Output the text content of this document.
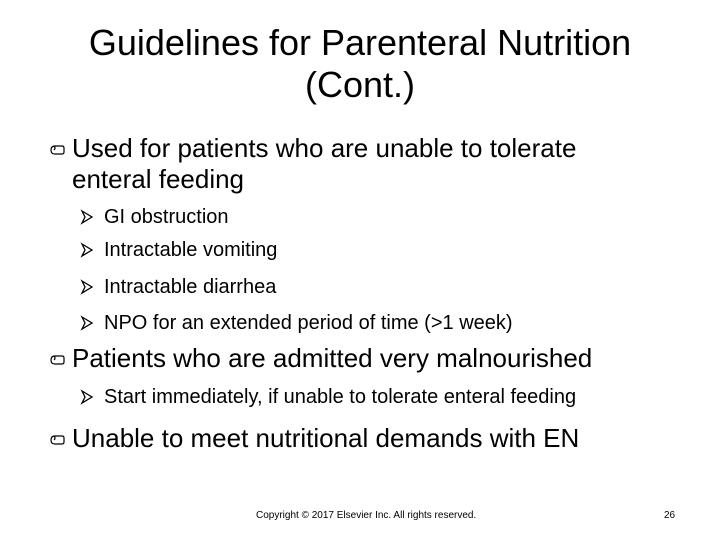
Guidelines for Parenteral Nutrition
(Cont.)
Used for patients who are unable to tolerate enteral feeding
GI obstruction
Intractable vomiting
Intractable diarrhea
NPO for an extended period of time (>1 week)
Patients who are admitted very malnourished
Start immediately, if unable to tolerate enteral feeding
Unable to meet nutritional demands with EN
Copyright © 2017 Elsevier Inc. All rights reserved.	26
